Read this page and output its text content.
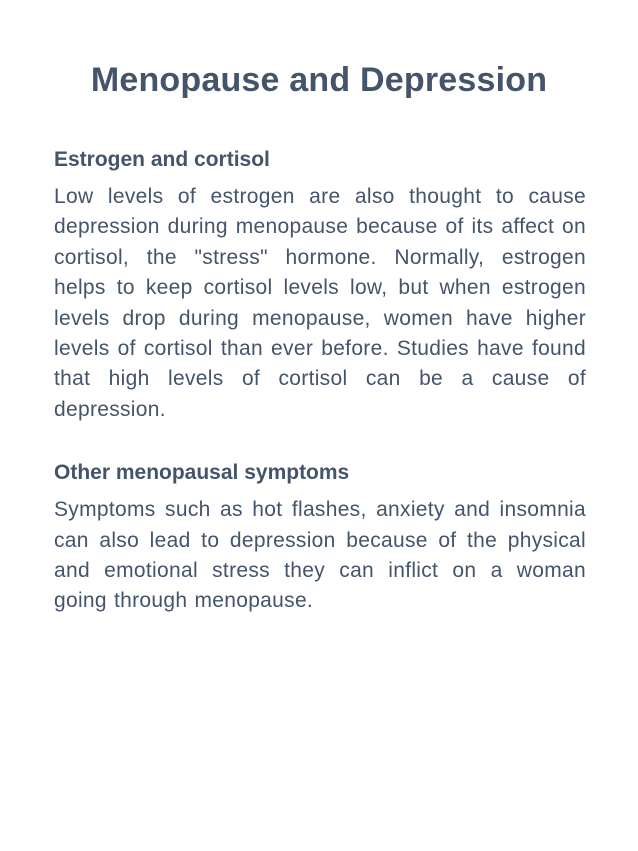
Menopause and Depression

Estrogen and cortisol

Low levels of estrogen are also thought to cause depression during menopause because of its affect on cortisol, the "stress" hormone. Normally, estrogen helps to keep cortisol levels low, but when estrogen levels drop during menopause, women have higher levels of cortisol than ever before. Studies have found that high levels of cortisol can be a cause of depression.

Other menopausal symptoms

Symptoms such as hot flashes, anxiety and insomnia can also lead to depression because of the physical and emotional stress they can inflict on a woman going through menopause.
